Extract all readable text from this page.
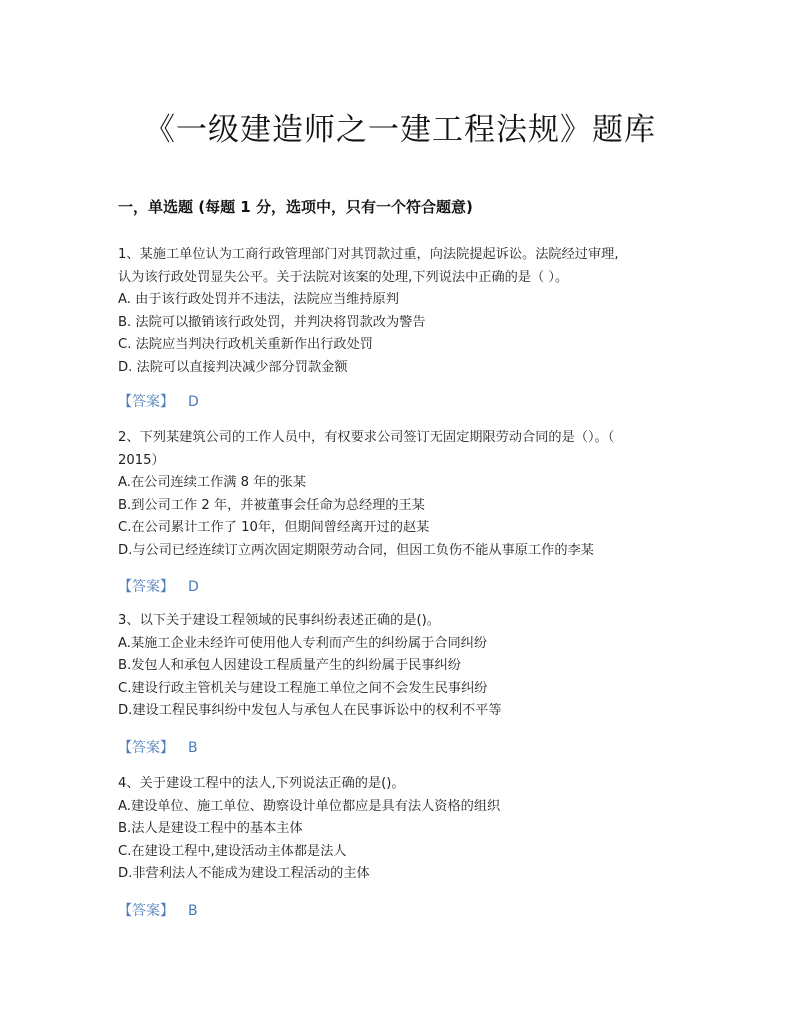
《一级建造师之一建工程法规》题库
一，单选题 (每题 1 分，选项中，只有一个符合题意)
1、某施工单位认为工商行政管理部门对其罚款过重，向法院提起诉讼。法院经过审理,
认为该行政处罚显失公平。关于法院对该案的处理,下列说法中正确的是（ ）。
A. 由于该行政处罚并不违法，法院应当维持原判
B. 法院可以撤销该行政处罚，并判决将罚款改为警告
C. 法院应当判决行政机关重新作出行政处罚
D. 法院可以直接判决减少部分罚款金额
【答案】 D
2、下列某建筑公司的工作人员中，有权要求公司签订无固定期限劳动合同的是（）。（
2015）
A.在公司连续工作满 8 年的张某
B.到公司工作 2 年，并被董事会任命为总经理的王某
C.在公司累计工作了 10年，但期间曾经离开过的赵某
D.与公司已经连续订立两次固定期限劳动合同，但因工负伤不能从事原工作的李某
【答案】 D
3、以下关于建设工程领域的民事纠纷表述正确的是()。
A.某施工企业未经许可使用他人专利而产生的纠纷属于合同纠纷
B.发包人和承包人因建设工程质量产生的纠纷属于民事纠纷
C.建设行政主管机关与建设工程施工单位之间不会发生民事纠纷
D.建设工程民事纠纷中发包人与承包人在民事诉讼中的权利不平等
【答案】 B
4、关于建设工程中的法人,下列说法正确的是()。
A.建设单位、施工单位、勘察设计单位都应是具有法人资格的组织
B.法人是建设工程中的基本主体
C.在建设工程中,建设活动主体都是法人
D.非营利法人不能成为建设工程活动的主体
【答案】 B
